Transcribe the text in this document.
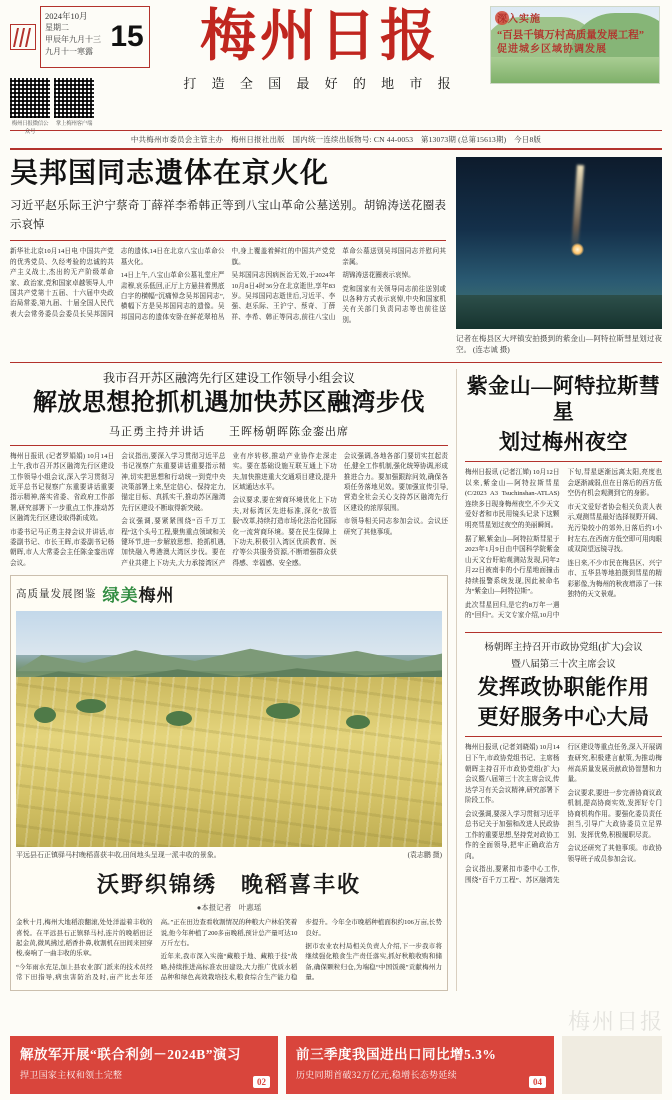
2024年10月
星期二
甲辰年九月十三
九月十一寒露 15
梅州日报微信公众号
掌上梅州客户端
梅州日报
打 造 全 国 最 好 的 地 市 报
深入实施
“百县千镇万村高质量发展工程”
促进城乡区域协调发展
中共梅州市委员会主管主办　梅州日报社出版　国内统一连续出版物号: CN 44-0053　第13073期 (总第15613期)　今日8版
吴邦国同志遗体在京火化
习近平赵乐际王沪宁蔡奇丁薛祥李希韩正等到八宝山革命公墓送别。胡锦涛送花圈表示哀悼

新华社北京10月14日电 中国共产党的优秀党员、久经考验的忠诚的共产主义战士,杰出的无产阶级革命家、政治家,党和国家卓越领导人,中国共产党第十五届、十六届中央政治局常委,第九届、十届全国人民代表大会常务委员会委员长吴邦国同志的遗体,14日在北京八宝山革命公墓火化。

14日上午,八宝山革命公墓礼堂庄严肃穆,哀乐低回,正厅上方悬挂着黑底白字的横幅“沉痛悼念吴邦国同志”,横幅下方是吴邦国同志的遗像。吴邦国同志的遗体安卧在鲜花翠柏丛中,身上覆盖着鲜红的中国共产党党旗。

吴邦国同志因病医治无效,于2024年10月8日4时36分在北京逝世,享年83岁。吴邦国同志逝世后,习近平、李强、赵乐际、王沪宁、蔡奇、丁薛祥、李希、韩正等同志,前往八宝山革命公墓送别吴邦国同志并慰问其亲属。

胡锦涛送花圈表示哀悼。

党和国家有关领导同志前往送别或以各种方式表示哀悼,中央和国家机关有关部门负责同志等也前往送别。

记者在梅县区大坪镇安拍摄到的紫金山—阿特拉斯彗星划过夜空。 (连志诚 摄)
我市召开苏区融湾先行区建设工作领导小组会议
解放思想抢抓机遇加快苏区融湾步伐
马正勇主持并讲话　　王晖杨朝晖陈金銮出席

梅州日报讯 (记者罗娟娟) 10月14日上午,我市召开苏区融湾先行区建设工作领导小组会议,深入学习贯彻习近平总书记视察广东重要讲话重要指示精神,落实省委、省政府工作部署,研究部署下一步重点工作,推动苏区融湾先行区建设取得新成效。

市委书记马正勇主持会议并讲话,市委副书记、市长王晖,市委副书记杨朝晖,市人大常委会主任陈金銮出席会议。

会议指出,要深入学习贯彻习近平总书记视察广东重要讲话重要指示精神,切实把思想和行动统一到党中央决策部署上来,坚定信心、保持定力,锚定目标、真抓实干,推动苏区融湾先行区建设不断取得新突破。

会议强调,要紧紧围绕“百千万工程”这个头号工程,聚焦重点领域和关键环节,进一步解放思想、抢抓机遇,加快融入粤港澳大湾区步伐。要在产业共建上下功夫,大力承接湾区产业有序转移,推动产业协作走深走实。要在基础设施互联互通上下功夫,加快推进重大交通项目建设,提升区域通达水平。

会议要求,要在营商环境优化上下功夫,对标湾区先进标准,深化“放管服”改革,持续打造市场化法治化国际化一流营商环境。要在民生保障上下功夫,积极引入湾区优质教育、医疗等公共服务资源,不断增强群众获得感、幸福感、安全感。

会议强调,各地各部门要切实扛起责任,健全工作机制,强化统筹协调,形成推进合力。要加强跟踪问效,确保各项任务落地见效。要加强宣传引导,营造全社会关心支持苏区融湾先行区建设的浓厚氛围。

市领导相关同志参加会议。会议还研究了其他事项。

高质量发展图鉴 绿美梅州
平远县石正镇驿马村晚稻喜获丰收,田间地头呈现一派丰收的景象。	(袁志鹏 摄)
沃野织锦绣　晚稻喜丰收
●本报记者　叶惠瑶

金秋十月,梅州大地稻浪翻滚,处处洋溢着丰收的喜悦。在平远县石正镇驿马村,连片的晚稻田泛起金黄,微风拂过,稻香扑鼻,收割机在田间来回穿梭,奏响了一曲丰收的乐章。

“今年雨水充足,加上县农业部门派来的技术员经常下田指导,病虫害防治及时,亩产比去年还高。”正在田边查看收割情况的种粮大户林伯笑着说,他今年种植了200多亩晚稻,预计总产量可达10万斤左右。

近年来,我市深入实施“藏粮于地、藏粮于技”战略,持续推进高标准农田建设,大力推广优质水稻品种和绿色高效栽培技术,粮食综合生产能力稳步提升。今年全市晚稻种植面积约106万亩,长势良好。

据市农业农村局相关负责人介绍,下一步我市将继续强化粮食生产责任落实,抓好秋粮收购和储备,确保颗粒归仓,为端稳“中国饭碗”贡献梅州力量。

紫金山—阿特拉斯彗星
划过梅州夜空

梅州日报讯 (记者江婵) 10月12日以来,紫金山—阿特拉斯彗星(C/2023 A3 Tsuchinshan-ATLAS)连续多日现身梅州夜空,不少天文爱好者和市民用镜头记录下这颗明亮彗星划过夜空的美丽瞬间。

据了解,紫金山—阿特拉斯彗星于2023年1月9日由中国科学院紫金山天文台盱眙观测站发现,同年2月22日被南非的小行星地面撞击持续报警系统发现,因此被命名为“紫金山—阿特拉斯”。

此次彗星回归,是它约8万年一遇的“回归”。天文专家介绍,10月中下旬,彗星逐渐远离太阳,亮度也会逐渐减弱,但在日落后的西方低空仍有机会观测到它的身影。

市天文爱好者协会相关负责人表示,观测彗星最好选择视野开阔、光污染较小的郊外,日落后约1小时左右,在西南方低空即可用肉眼或双筒望远镜寻找。

连日来,不少市民在梅县区、兴宁市、五华县等地拍摄到彗星的精彩影像,为梅州的秋夜增添了一抹独特的天文景观。

杨朝晖主持召开市政协党组(扩大)会议
暨八届第三十次主席会议
发挥政协职能作用
更好服务中心大局

梅州日报讯 (记者刘晓娟) 10月14日下午,市政协党组书记、主席杨朝晖主持召开市政协党组(扩大)会议暨八届第三十次主席会议,传达学习有关会议精神,研究部署下阶段工作。

会议强调,要深入学习贯彻习近平总书记关于加强和改进人民政协工作的重要思想,坚持党对政协工作的全面领导,把牢正确政治方向。

会议指出,要紧扣市委中心工作,围绕“百千万工程”、苏区融湾先行区建设等重点任务,深入开展调查研究,积极建言献策,为推动梅州高质量发展贡献政协智慧和力量。

会议要求,要进一步完善协商议政机制,提高协商实效,发挥好专门协商机构作用。要强化委员责任担当,引导广大政协委员立足界别、发挥优势,积极履职尽责。

会议还研究了其他事项。市政协领导班子成员参加会议。

梅州日报
解放军开展“联合利剑－2024B”演习
捍卫国家主权和领土完整
02
前三季度我国进出口同比增5.3%
历史同期首破32万亿元,稳增长态势延续
04
